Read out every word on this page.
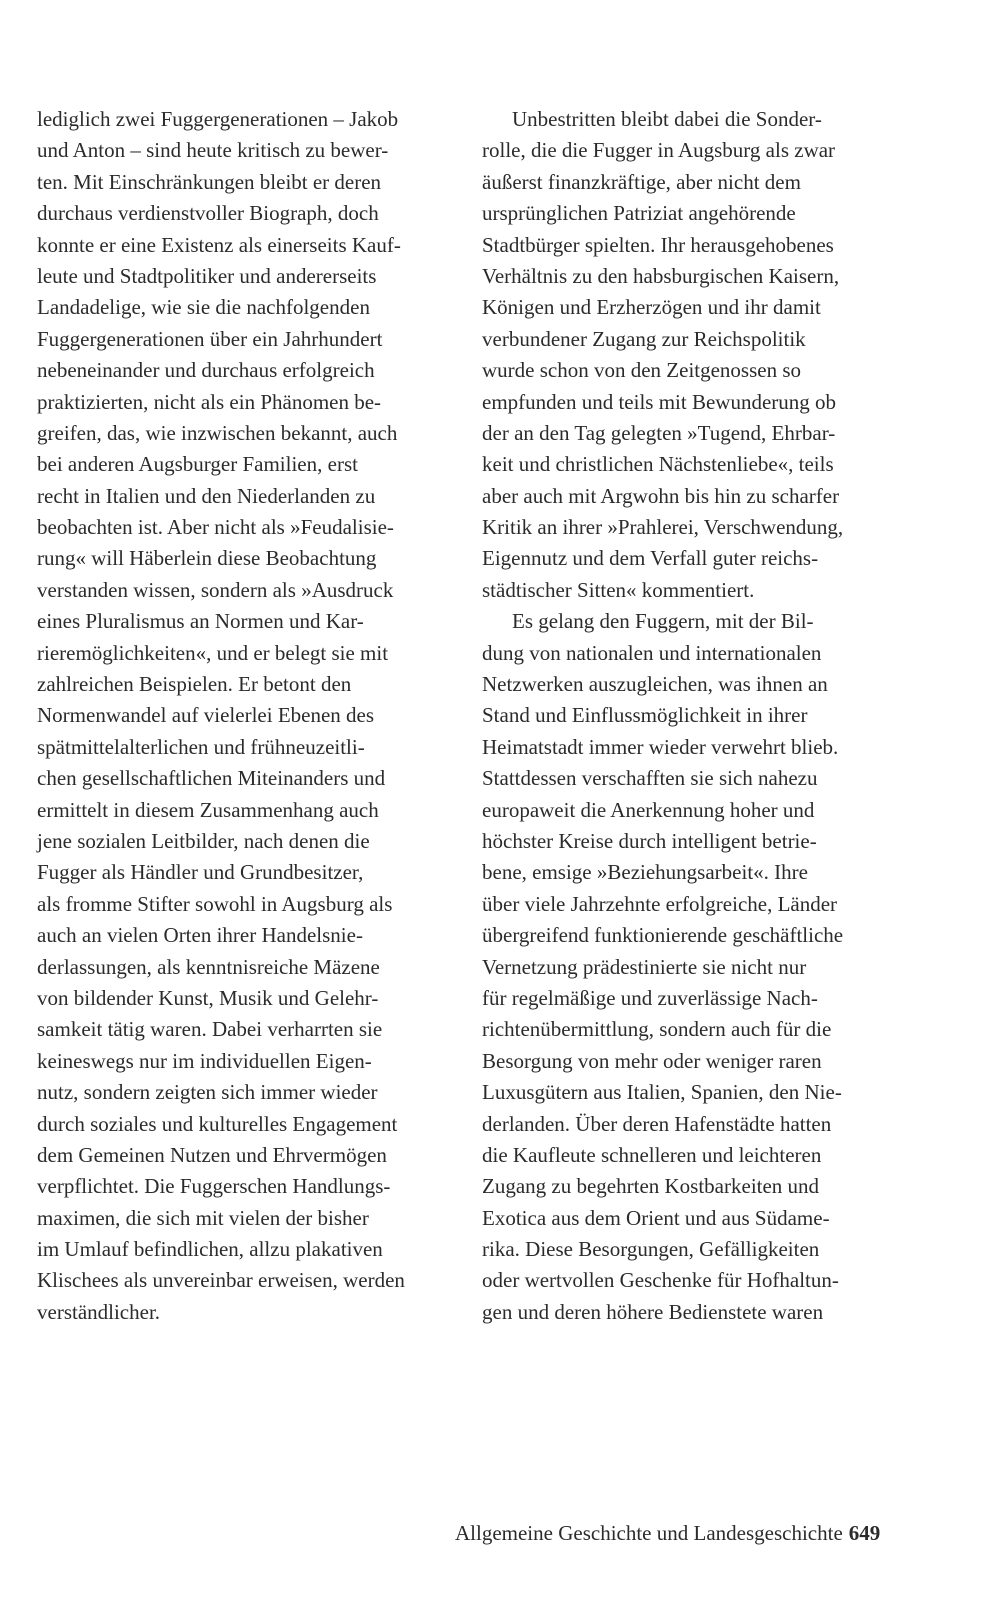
lediglich zwei Fuggergenerationen – Jakob
und Anton – sind heute kritisch zu bewer-
ten. Mit Einschränkungen bleibt er deren
durchaus verdienstvoller Biograph, doch
konnte er eine Existenz als einerseits Kauf-
leute und Stadtpolitiker und andererseits
Landadelige, wie sie die nachfolgenden
Fuggergenerationen über ein Jahrhundert
nebeneinander und durchaus erfolgreich
praktizierten, nicht als ein Phänomen be-
greifen, das, wie inzwischen bekannt, auch
bei anderen Augsburger Familien, erst
recht in Italien und den Niederlanden zu
beobachten ist. Aber nicht als »Feudalisie-
rung« will Häberlein diese Beobachtung
verstanden wissen, sondern als »Ausdruck
eines Pluralismus an Normen und Kar-
rieremöglichkeiten«, und er belegt sie mit
zahlreichen Beispielen. Er betont den
Normenwandel auf vielerlei Ebenen des
spätmittelalterlichen und frühneuzeitli-
chen gesellschaftlichen Miteinanders und
ermittelt in diesem Zusammenhang auch
jene sozialen Leitbilder, nach denen die
Fugger als Händler und Grundbesitzer,
als fromme Stifter sowohl in Augsburg als
auch an vielen Orten ihrer Handelsnie-
derlassungen, als kenntnisreiche Mäzene
von bildender Kunst, Musik und Gelehr-
samkeit tätig waren. Dabei verharrten sie
keineswegs nur im individuellen Eigen-
nutz, sondern zeigten sich immer wieder
durch soziales und kulturelles Engagement
dem Gemeinen Nutzen und Ehrvermögen
verpflichtet. Die Fuggerschen Handlungs-
maximen, die sich mit vielen der bisher
im Umlauf befindlichen, allzu plakativen
Klischees als unvereinbar erweisen, werden
verständlicher.
Unbestritten bleibt dabei die Sonder-
rolle, die die Fugger in Augsburg als zwar
äußerst finanzkräftige, aber nicht dem
ursprünglichen Patriziat angehörende
Stadtbürger spielten. Ihr herausgehobenes
Verhältnis zu den habsburgischen Kaisern,
Königen und Erzherzögen und ihr damit
verbundener Zugang zur Reichspolitik
wurde schon von den Zeitgenossen so
empfunden und teils mit Bewunderung ob
der an den Tag gelegten »Tugend, Ehrbar-
keit und christlichen Nächstenliebe«, teils
aber auch mit Argwohn bis hin zu scharfer
Kritik an ihrer »Prahlerei, Verschwendung,
Eigennutz und dem Verfall guter reichs-
städtischer Sitten« kommentiert.
Es gelang den Fuggern, mit der Bil-
dung von nationalen und internationalen
Netzwerken auszugleichen, was ihnen an
Stand und Einflussmöglichkeit in ihrer
Heimatstadt immer wieder verwehrt blieb.
Stattdessen verschafften sie sich nahezu
europaweit die Anerkennung hoher und
höchster Kreise durch intelligent betrie-
bene, emsige »Beziehungsarbeit«. Ihre
über viele Jahrzehnte erfolgreiche, Länder
übergreifend funktionierende geschäftliche
Vernetzung prädestinierte sie nicht nur
für regelmäßige und zuverlässige Nach-
richtenübermittlung, sondern auch für die
Besorgung von mehr oder weniger raren
Luxusgütern aus Italien, Spanien, den Nie-
derlanden. Über deren Hafenstädte hatten
die Kaufleute schnelleren und leichteren
Zugang zu begehrten Kostbarkeiten und
Exotica aus dem Orient und aus Südame-
rika. Diese Besorgungen, Gefälligkeiten
oder wertvollen Geschenke für Hofhaltun-
gen und deren höhere Bedienstete waren
Allgemeine Geschichte und Landesgeschichte 649
